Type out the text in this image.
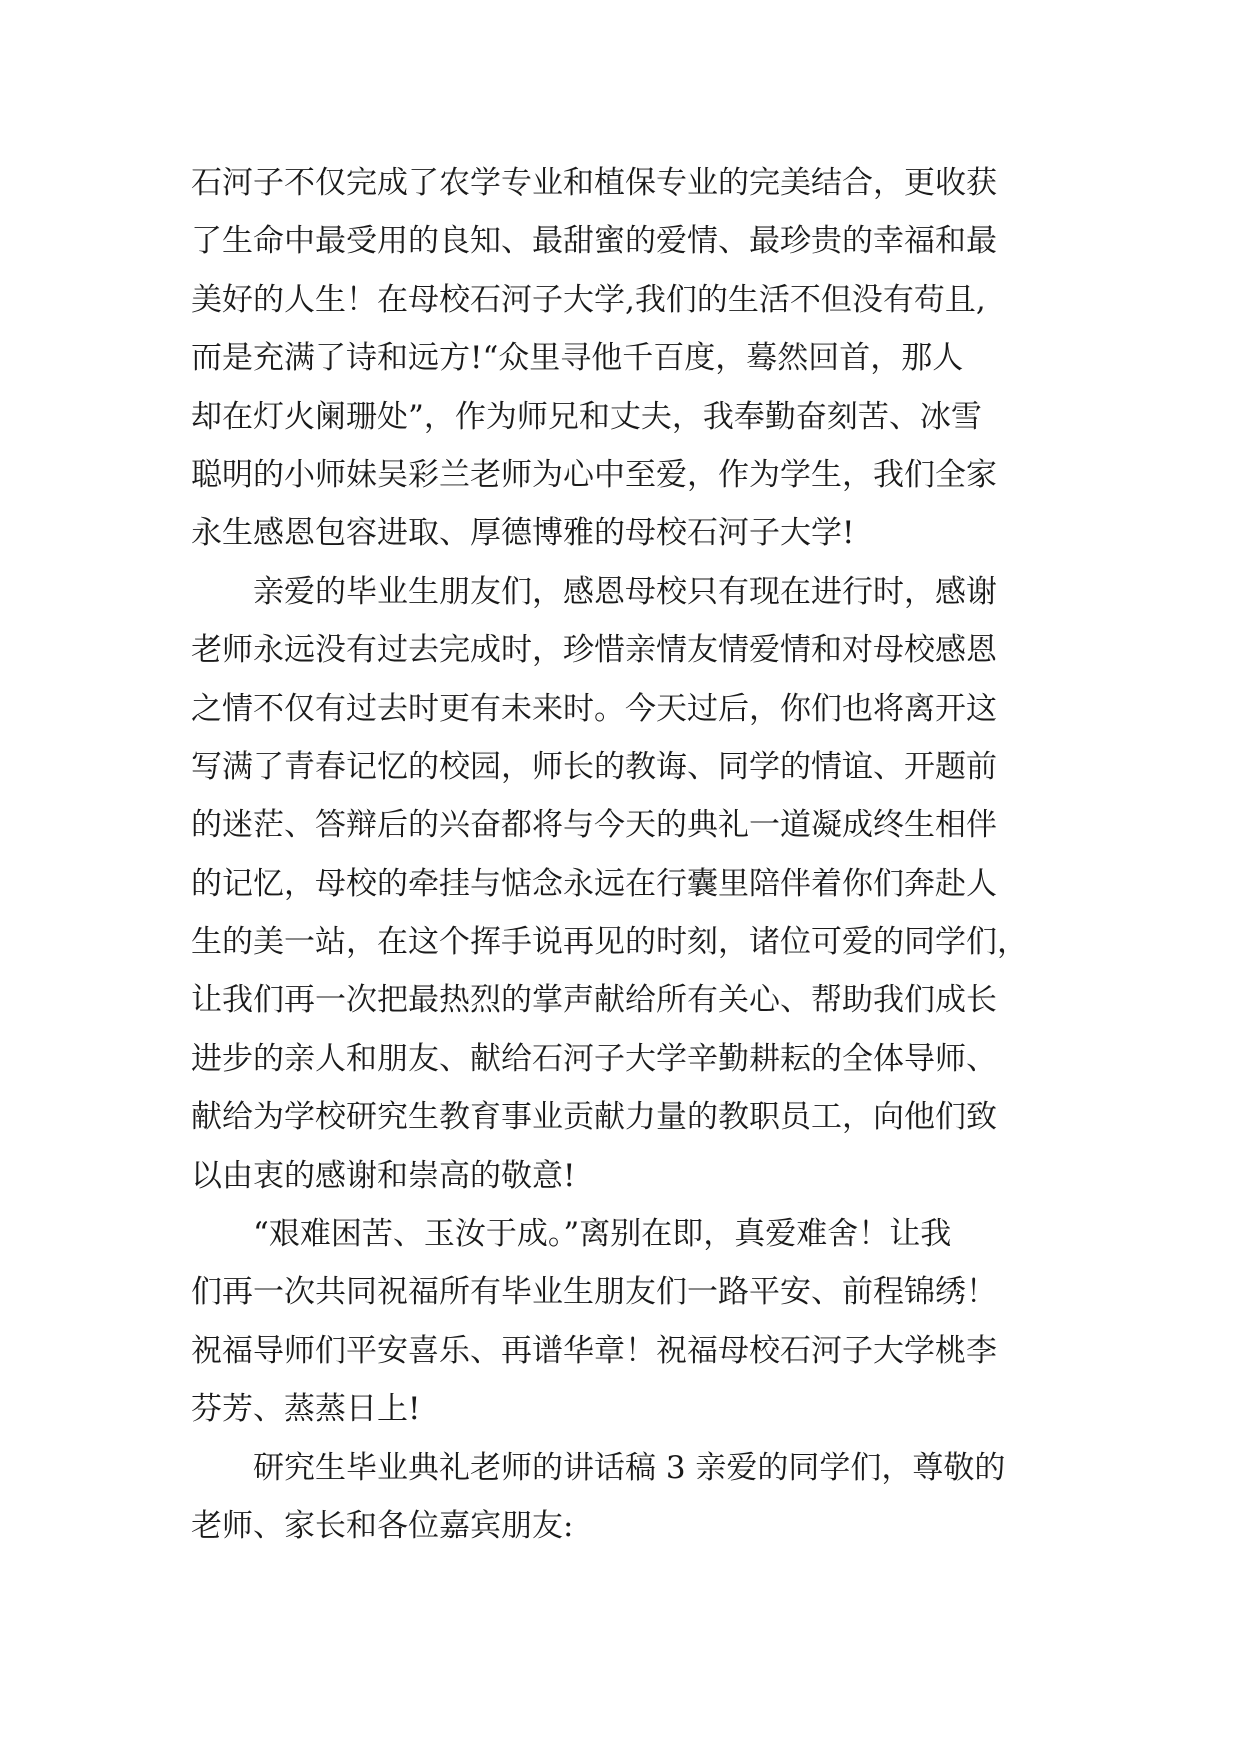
石河子不仅完成了农学专业和植保专业的完美结合，更收获
了生命中最受用的良知、最甜蜜的爱情、最珍贵的幸福和最
美好的人生！在母校石河子大学,我们的生活不但没有苟且,
而是充满了诗和远方!“众里寻他千百度，蓦然回首，那人
却在灯火阑珊处”，作为师兄和丈夫，我奉勤奋刻苦、冰雪
聪明的小师妹吴彩兰老师为心中至爱，作为学生，我们全家
永生感恩包容进取、厚德博雅的母校石河子大学!
　　亲爱的毕业生朋友们，感恩母校只有现在进行时，感谢
老师永远没有过去完成时，珍惜亲情友情爱情和对母校感恩
之情不仅有过去时更有未来时。今天过后，你们也将离开这
写满了青春记忆的校园，师长的教诲、同学的情谊、开题前
的迷茫、答辩后的兴奋都将与今天的典礼一道凝成终生相伴
的记忆，母校的牵挂与惦念永远在行囊里陪伴着你们奔赴人
生的美一站，在这个挥手说再见的时刻，诸位可爱的同学们，
让我们再一次把最热烈的掌声献给所有关心、帮助我们成长
进步的亲人和朋友、献给石河子大学辛勤耕耘的全体导师、
献给为学校研究生教育事业贡献力量的教职员工，向他们致
以由衷的感谢和崇高的敬意!
　　“艰难困苦、玉汝于成。”离别在即，真爱难舍！让我
们再一次共同祝福所有毕业生朋友们一路平安、前程锦绣！
祝福导师们平安喜乐、再谱华章！祝福母校石河子大学桃李
芬芳、蒸蒸日上!
　　研究生毕业典礼老师的讲话稿 3 亲爱的同学们，尊敬的
老师、家长和各位嘉宾朋友:
